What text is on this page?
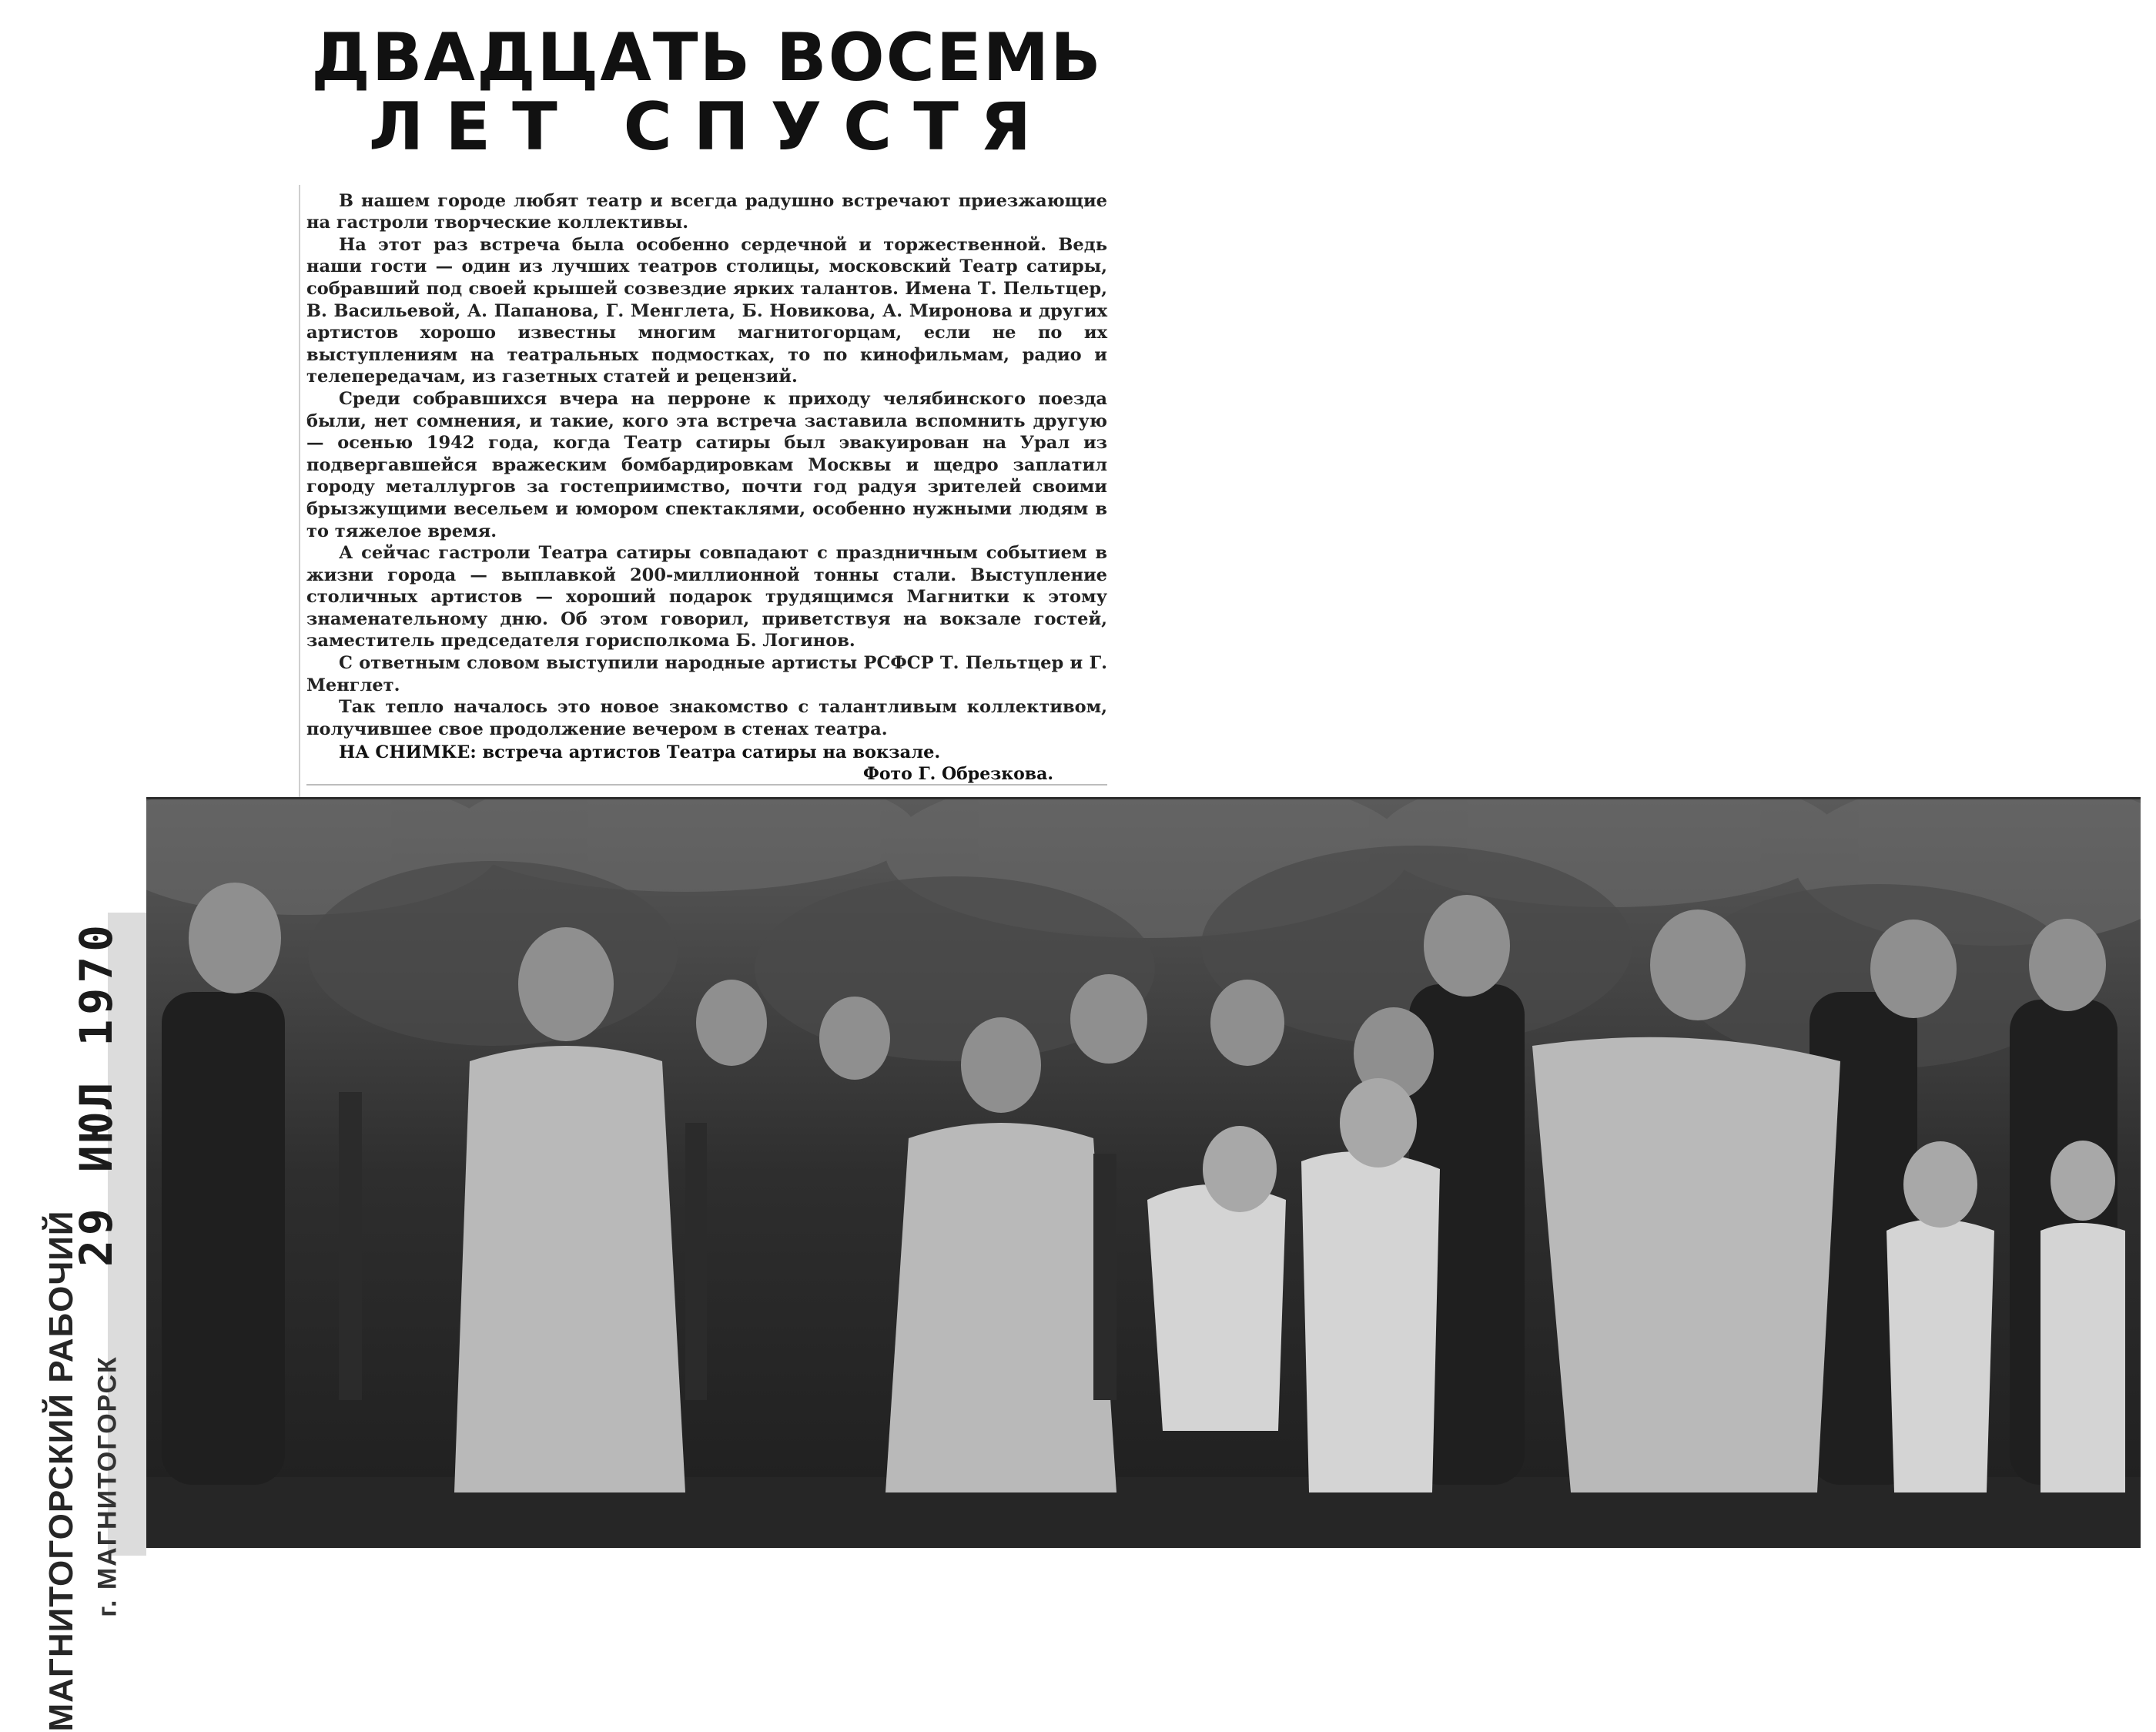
ДВАДЦАТЬ ВОСЕМЬ
ЛЕТ СПУСТЯ

В нашем городе любят театр и всегда радушно встречают приезжающие на гастроли творческие коллективы.

На этот раз встреча была особенно сердечной и торжественной. Ведь наши гости — один из лучших театров столицы, московский Театр сатиры, собравший под своей крышей созвездие ярких талантов. Имена Т. Пельтцер, В. Васильевой, А. Папанова, Г. Менглета, Б. Новикова, А. Миронова и других артистов хорошо известны многим магнитогорцам, если не по их выступлениям на театральных подмостках, то по кинофильмам, радио и телепередачам, из газетных статей и рецензий.

Среди собравшихся вчера на перроне к приходу челябинского поезда были, нет сомнения, и такие, кого эта встреча заставила вспомнить другую — осенью 1942 года, когда Театр сатиры был эвакуирован на Урал из подвергавшейся вражеским бомбардировкам Москвы и щедро заплатил городу металлургов за гостеприимство, почти год радуя зрителей своими брызжущими весельем и юмором спектаклями, особенно нужными людям в то тяжелое время.

А сейчас гастроли Театра сатиры совпадают с праздничным событием в жизни города — выплавкой 200-миллионной тонны стали. Выступление столичных артистов — хороший подарок трудящимся Магнитки к этому знаменательному дню. Об этом говорил, приветствуя на вокзале гостей, заместитель председателя горисполкома Б. Логинов.

С ответным словом выступили народные артисты РСФСР Т. Пельтцер и Г. Менглет.

Так тепло началось это новое знакомство с талантливым коллективом, получившее свое продолжение вечером в стенах театра.

НА СНИМКЕ: встреча артистов Театра сатиры на вокзале.

Фото Г. Обрезкова.

29 ИЮЛ 1970
МАГНИТОГОРСКИЙ РАБОЧИЙ г. МАГНИТОГОРСК
